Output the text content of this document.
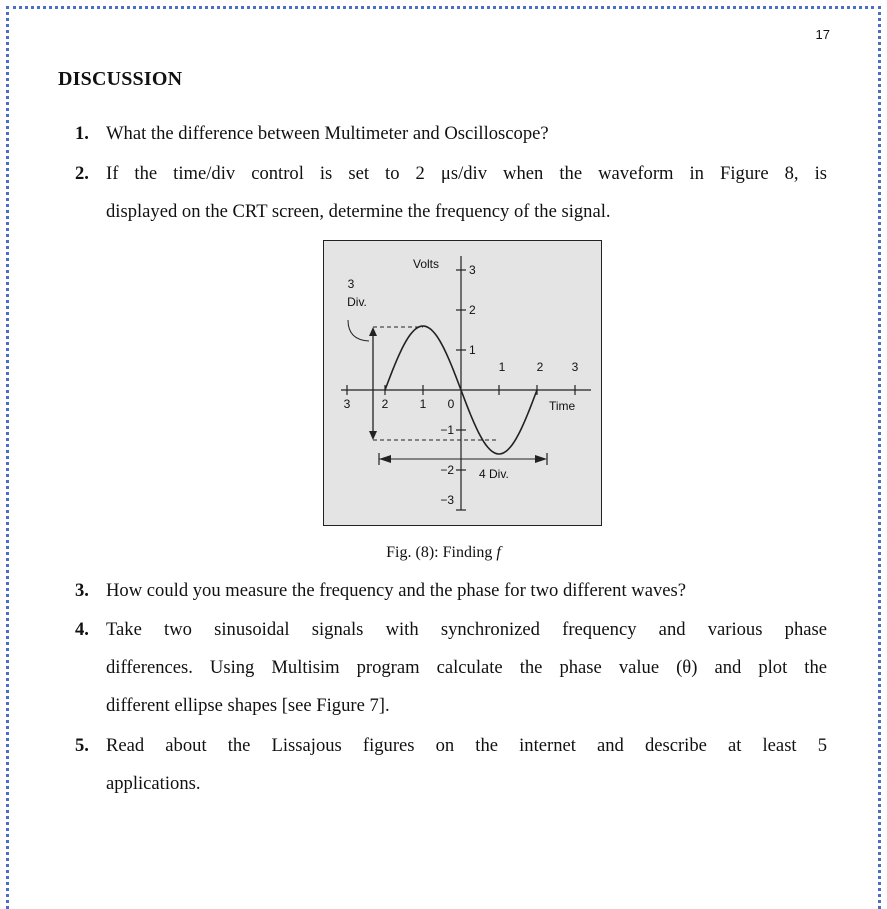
17
DISCUSSION
1. What the difference between Multimeter and Oscilloscope?
2. If the time/div control is set to 2 μs/div when the waveform in Figure 8, is
displayed on the CRT screen, determine the frequency of the signal.
3
2
1
−1
−2
−3
3	2	1 0
1	2 3
Volts
Time
3
Div.
4 Div.
Fig. (8): Finding f
3. How could you measure the frequency and the phase for two different waves?
4. Take two sinusoidal signals with synchronized frequency and various phase
differences. Using Multisim program calculate the phase value (θ) and plot the
different ellipse shapes [see Figure 7].
5. Read about the Lissajous figures on the internet and describe at least 5
applications.
